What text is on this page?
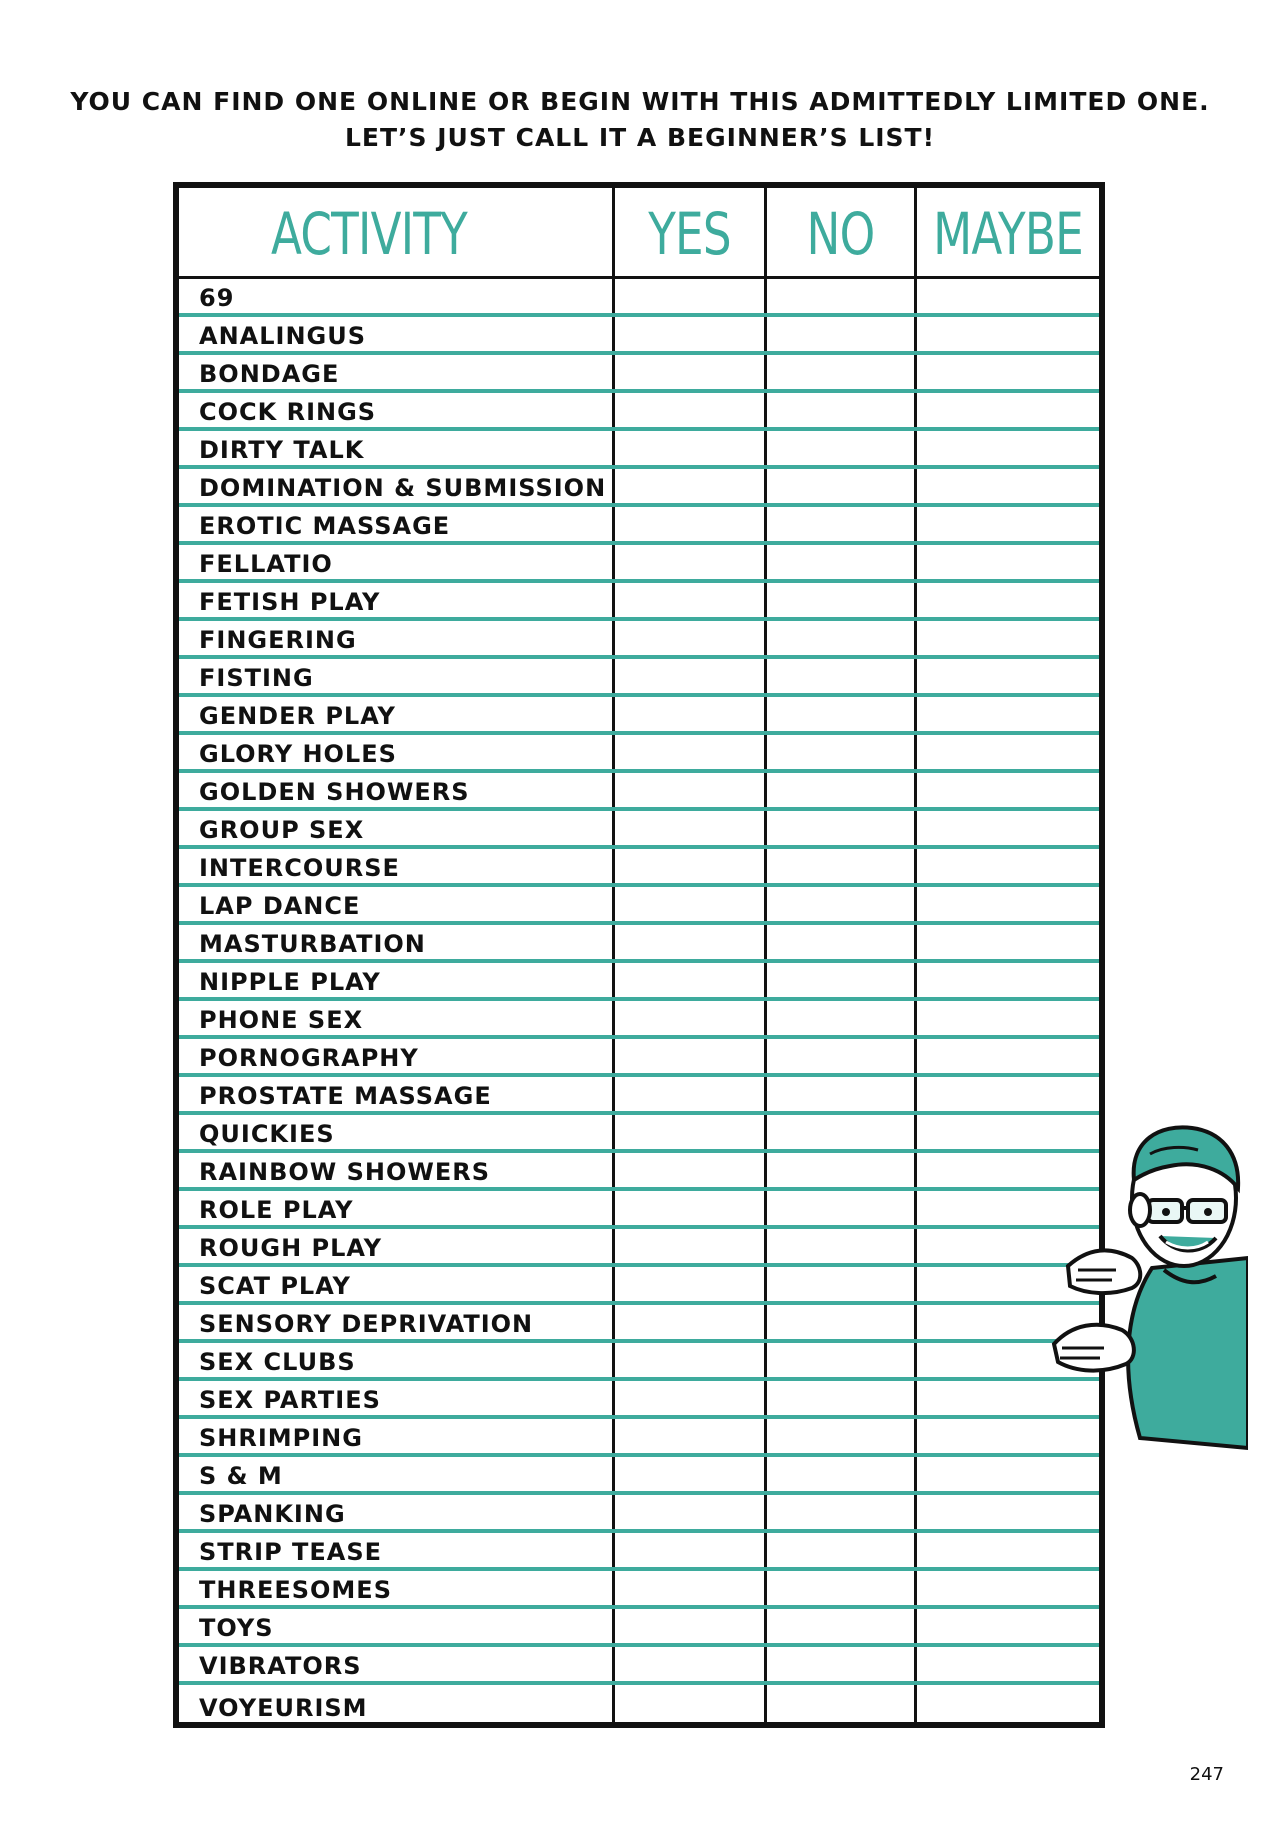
YOU CAN FIND ONE ONLINE OR BEGIN WITH THIS ADMITTEDLY LIMITED ONE.
LET’S JUST CALL IT A BEGINNER’S LIST!
ACTIVITY	YES	NO	MAYBE
69
ANALINGUS
BONDAGE
COCK RINGS
DIRTY TALK
DOMINATION & SUBMISSION
EROTIC MASSAGE
FELLATIO
FETISH PLAY
FINGERING
FISTING
GENDER PLAY
GLORY HOLES
GOLDEN SHOWERS
GROUP SEX
INTERCOURSE
LAP DANCE
MASTURBATION
NIPPLE PLAY
PHONE SEX
PORNOGRAPHY
PROSTATE MASSAGE
QUICKIES
RAINBOW SHOWERS
ROLE PLAY
ROUGH PLAY
SCAT PLAY
SENSORY DEPRIVATION
SEX CLUBS
SEX PARTIES
SHRIMPING
S & M
SPANKING
STRIP TEASE
THREESOMES
TOYS
VIBRATORS
VOYEURISM
247
